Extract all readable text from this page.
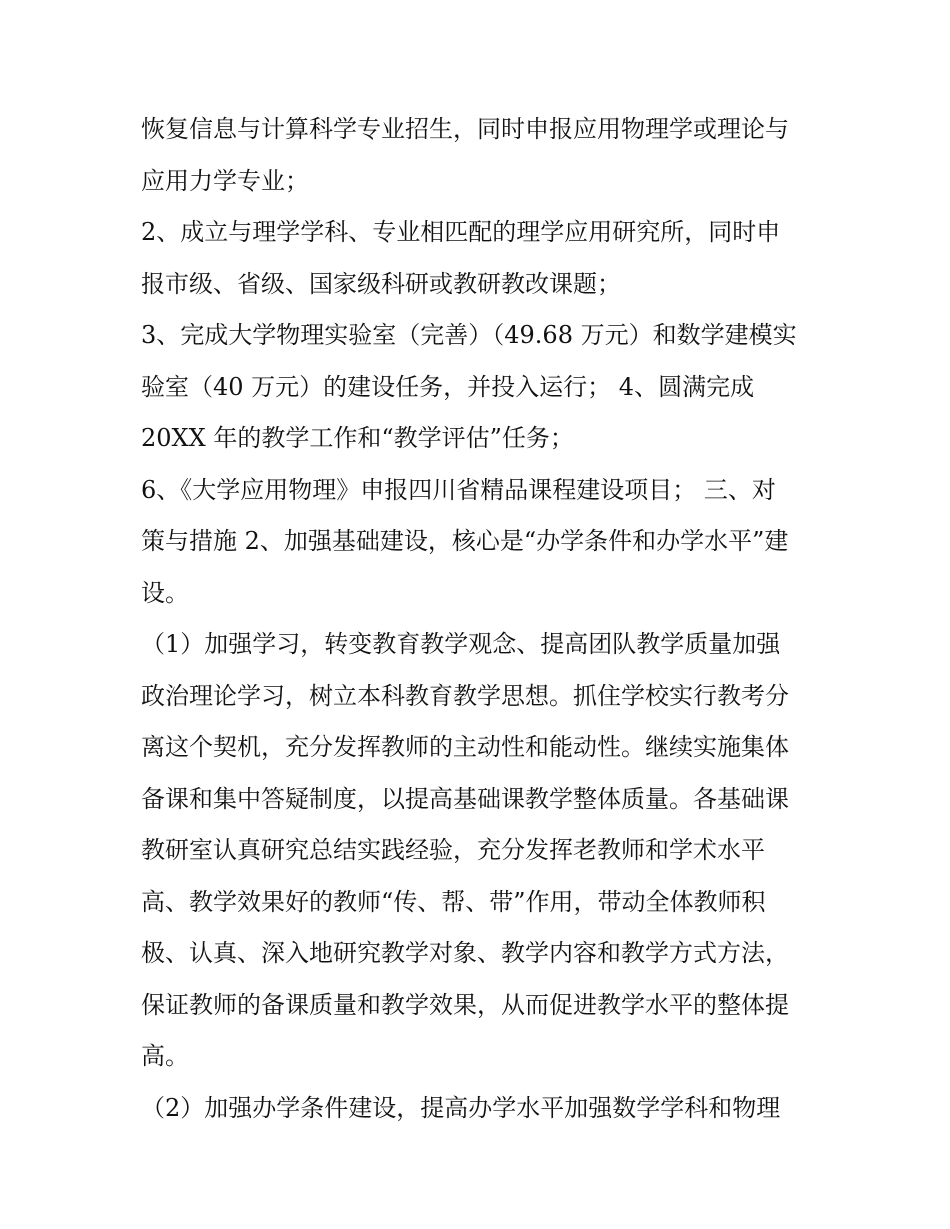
恢复信息与计算科学专业招生，同时申报应用物理学或理论与
应用力学专业；
2、成立与理学学科、专业相匹配的理学应用研究所，同时申
报市级、省级、国家级科研或教研教改课题；
3、完成大学物理实验室（完善）（49.68 万元）和数学建模实
验室（40 万元）的建设任务，并投入运行； 4、圆满完成
20XX 年的教学工作和“教学评估”任务；
6、《大学应用物理》申报四川省精品课程建设项目； 三、对
策与措施 2、加强基础建设，核心是“办学条件和办学水平”建
设。
（1）加强学习，转变教育教学观念、提高团队教学质量加强
政治理论学习，树立本科教育教学思想。抓住学校实行教考分
离这个契机，充分发挥教师的主动性和能动性。继续实施集体
备课和集中答疑制度，以提高基础课教学整体质量。各基础课
教研室认真研究总结实践经验，充分发挥老教师和学术水平
高、教学效果好的教师“传、帮、带”作用，带动全体教师积
极、认真、深入地研究教学对象、教学内容和教学方式方法，
保证教师的备课质量和教学效果，从而促进教学水平的整体提
高。
（2）加强办学条件建设，提高办学水平加强数学学科和物理
